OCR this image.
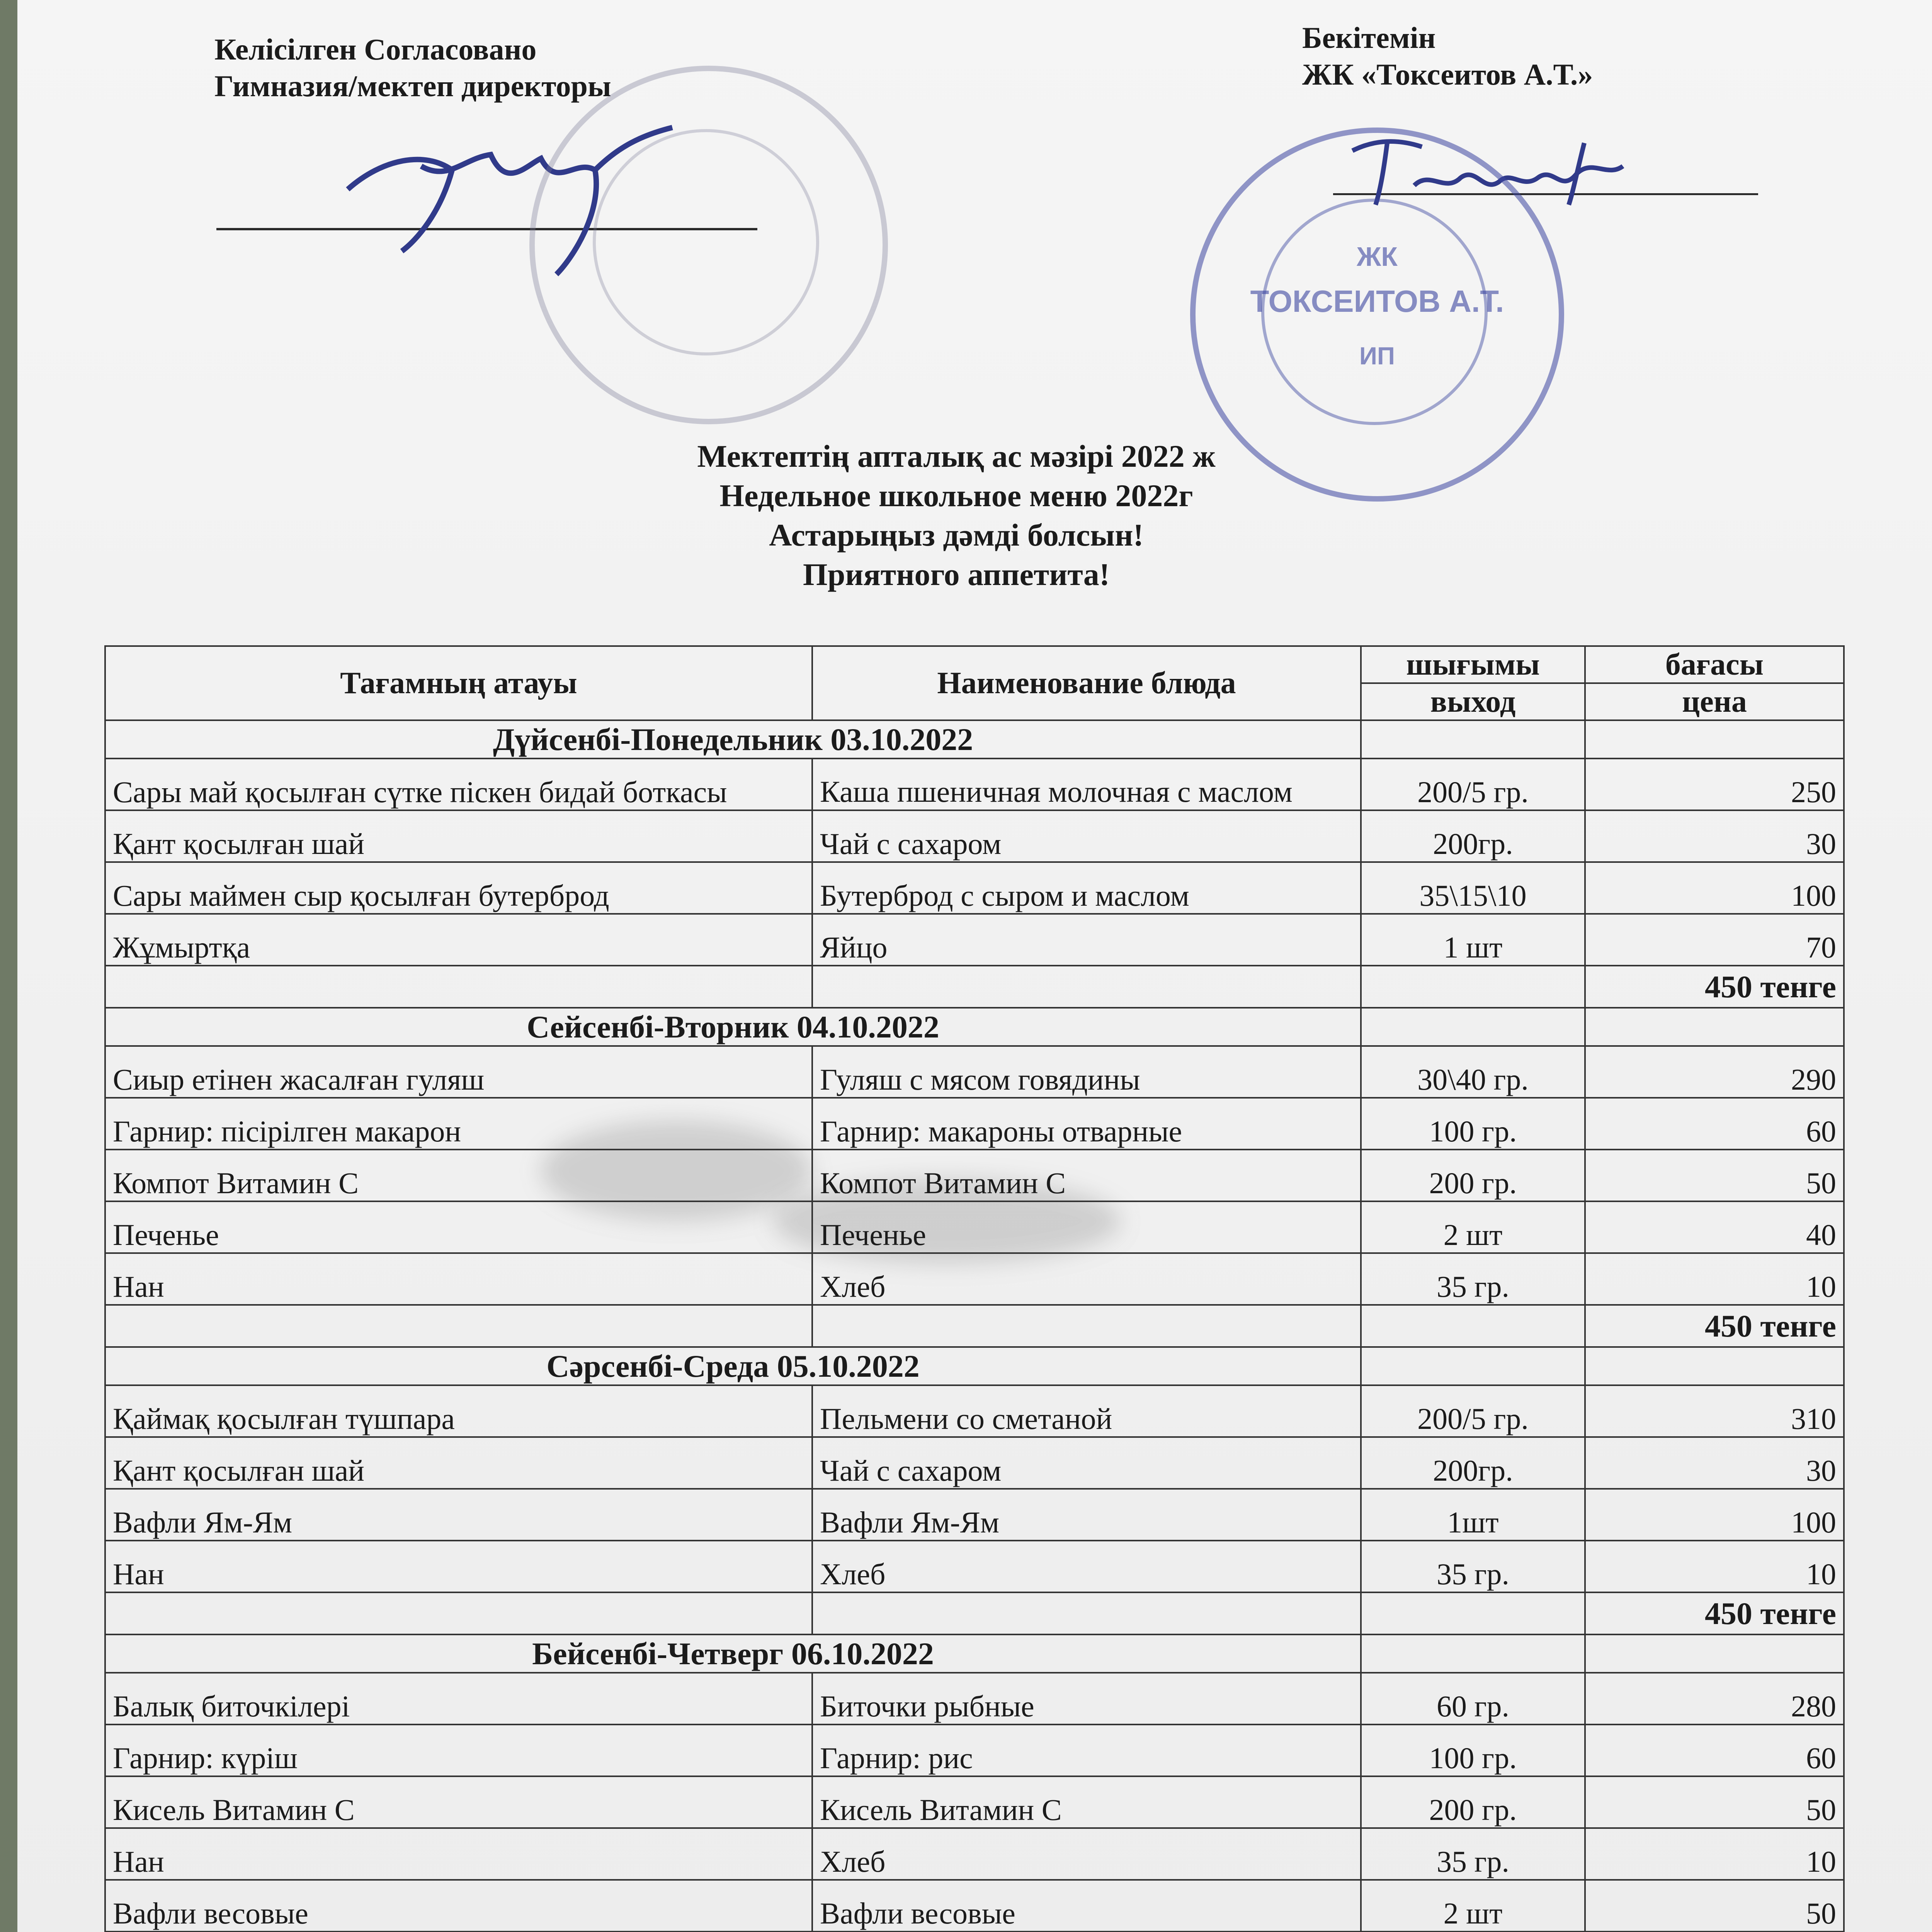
Келісілген Согласовано
Гимназия/мектеп директоры
Бекітемін
ЖК «Токсеитов А.Т.»
ЖК
ТОКСЕИТОВ А.Т.
ИП
Мектептің апталық ас мәзірі 2022 ж
Недельное школьное меню 2022г
Астарыңыз дәмді болсын!
Приятного аппетита!
Тағамның атауы	Наименование блюда	шығымы	бағасы
		выход	цена
Дүйсенбі-Понедельник 03.10.2022			
Сары май қосылған сүтке піскен бидай боткасы	Каша пшеничная молочная с маслом	200/5 гр.	250
Қант қосылған шай	Чай с сахаром	200гр.	30
Сары маймен сыр қосылған бутерброд	Бутерброд с сыром и маслом	35\15\10	100
Жұмыртқа	Яйцо	1 шт	70
			450 тенге
Сейсенбі-Вторник 04.10.2022			
Сиыр етінен жасалған гуляш	Гуляш с мясом говядины	30\40 гр.	290
Гарнир: пісірілген макарон	Гарнир: макароны отварные	100 гр.	60
Компот Витамин С	Компот Витамин С	200 гр.	50
Печенье	Печенье	2 шт	40
Нан	Хлеб	35 гр.	10
			450 тенге
Сәрсенбі-Среда 05.10.2022			
Қаймақ қосылған түшпара	Пельмени со сметаной	200/5 гр.	310
Қант қосылған шай	Чай с сахаром	200гр.	30
Вафли Ям-Ям	Вафли Ям-Ям	1шт	100
Нан	Хлеб	35 гр.	10
			450 тенге
Бейсенбі-Четверг 06.10.2022			
Балық биточкілері	Биточки рыбные	60 гр.	280
Гарнир: күріш	Гарнир: рис	100 гр.	60
Кисель Витамин С	Кисель Витамин С	200 гр.	50
Нан	Хлеб	35 гр.	10
Вафли весовые	Вафли весовые	2 шт	50
